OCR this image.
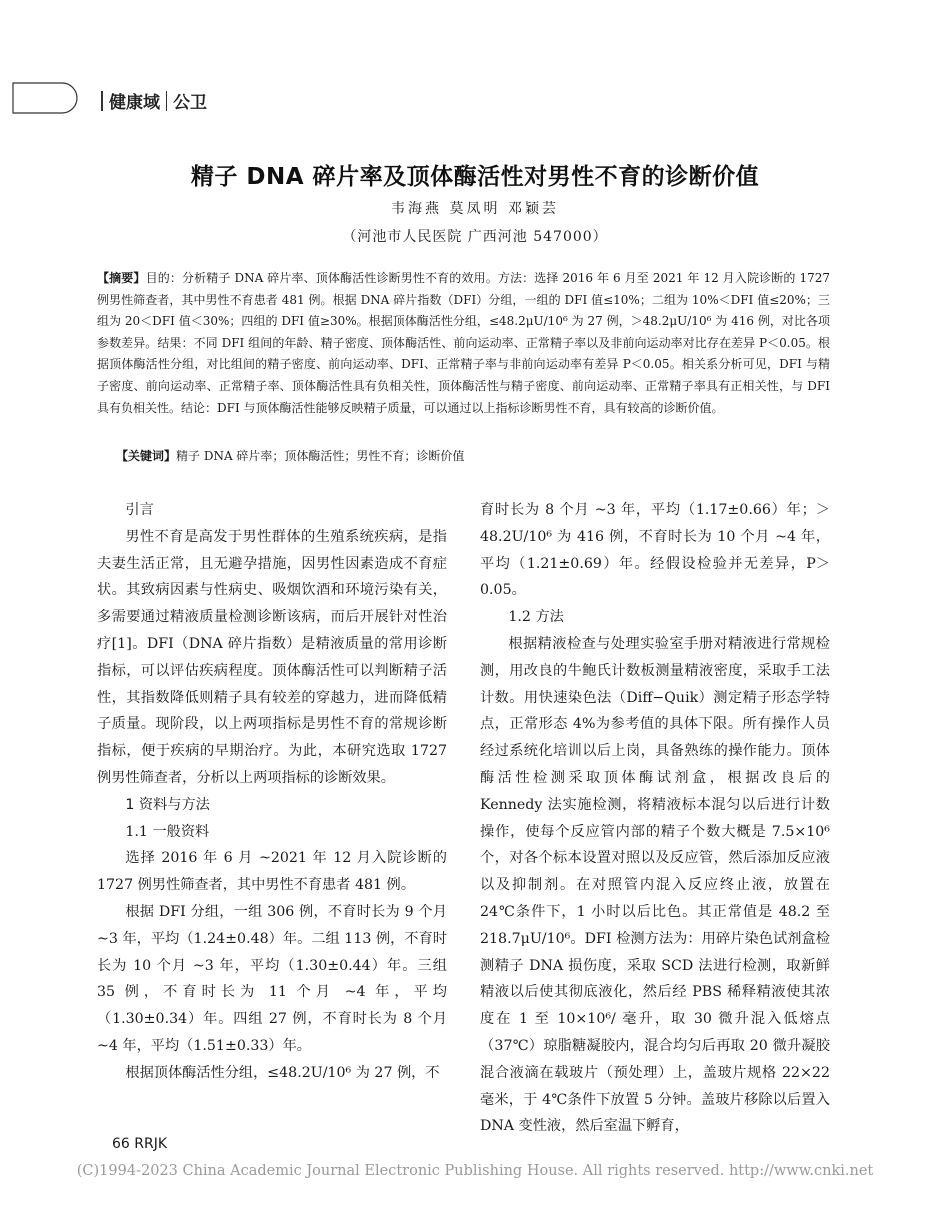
健康域 公卫
精子 DNA 碎片率及顶体酶活性对男性不育的诊断价值
韦海燕 莫凤明 邓颖芸
（河池市人民医院 广西河池 547000）
【摘要】目的：分析精子 DNA 碎片率、顶体酶活性诊断男性不育的效用。方法：选择 2016 年 6 月至 2021 年 12 月入院诊断的 1727 例男性筛查者，其中男性不育患者 481 例。根据 DNA 碎片指数（DFI）分组，一组的 DFI 值≤10%；二组为 10%＜DFI 值≤20%；三组为 20＜DFI 值＜30%；四组的 DFI 值≥30%。根据顶体酶活性分组，≤48.2μU/10⁶ 为 27 例，＞48.2μU/10⁶ 为 416 例，对比各项参数差异。结果：不同 DFI 组间的年龄、精子密度、顶体酶活性、前向运动率、正常精子率以及非前向运动率对比存在差异 P＜0.05。根据顶体酶活性分组，对比组间的精子密度、前向运动率、DFI、正常精子率与非前向运动率有差异 P＜0.05。相关系分析可见，DFI 与精子密度、前向运动率、正常精子率、顶体酶活性具有负相关性，顶体酶活性与精子密度、前向运动率、正常精子率具有正相关性，与 DFI 具有负相关性。结论：DFI 与顶体酶活性能够反映精子质量，可以通过以上指标诊断男性不育，具有较高的诊断价值。
【关键词】精子 DNA 碎片率；顶体酶活性；男性不育；诊断价值
引言

男性不育是高发于男性群体的生殖系统疾病，是指夫妻生活正常，且无避孕措施，因男性因素造成不育症状。其致病因素与性病史、吸烟饮酒和环境污染有关，多需要通过精液质量检测诊断该病，而后开展针对性治疗[1]。DFI（DNA 碎片指数）是精液质量的常用诊断指标，可以评估疾病程度。顶体酶活性可以判断精子活性，其指数降低则精子具有较差的穿越力，进而降低精子质量。现阶段，以上两项指标是男性不育的常规诊断指标，便于疾病的早期治疗。为此，本研究选取 1727 例男性筛查者，分析以上两项指标的诊断效果。

1 资料与方法
1.1 一般资料

选择 2016 年 6 月 ~2021 年 12 月入院诊断的 1727 例男性筛查者，其中男性不育患者 481 例。

根据 DFI 分组，一组 306 例，不育时长为 9 个月 ~3 年，平均（1.24±0.48）年。二组 113 例，不育时长为 10 个月 ~3 年，平均（1.30±0.44）年。三组 35 例，不育时长为 11 个月 ~4 年，平均（1.30±0.34）年。四组 27 例，不育时长为 8 个月 ~4 年，平均（1.51±0.33）年。

根据顶体酶活性分组，≤48.2U/10⁶ 为 27 例，不

育时长为 8 个月 ~3 年，平均（1.17±0.66）年；＞48.2U/10⁶ 为 416 例，不育时长为 10 个月 ~4 年，平均（1.21±0.69）年。经假设检验并无差异，P＞0.05。

1.2 方法

根据精液检查与处理实验室手册对精液进行常规检测，用改良的牛鲍氏计数板测量精液密度，采取手工法计数。用快速染色法（Diff−Quik）测定精子形态学特点，正常形态 4%为参考值的具体下限。所有操作人员经过系统化培训以后上岗，具备熟练的操作能力。顶体酶活性检测采取顶体酶试剂盒，根据改良后的 Kennedy 法实施检测，将精液标本混匀以后进行计数操作，使每个反应管内部的精子个数大概是 7.5×10⁶ 个，对各个标本设置对照以及反应管，然后添加反应液以及抑制剂。在对照管内混入反应终止液，放置在 24℃条件下，1 小时以后比色。其正常值是 48.2 至 218.7μU/10⁶。DFI 检测方法为：用碎片染色试剂盒检测精子 DNA 损伤度，采取 SCD 法进行检测，取新鲜精液以后使其彻底液化，然后经 PBS 稀释精液使其浓度在 1 至 10×10⁶/ 毫升，取 30 微升混入低熔点（37℃）琼脂糖凝胶内，混合均匀后再取 20 微升凝胶混合液滴在载玻片（预处理）上，盖玻片规格 22×22 毫米，于 4℃条件下放置 5 分钟。盖玻片移除以后置入 DNA 变性液，然后室温下孵育，

66 RRJK
(C)1994-2023 China Academic Journal Electronic Publishing House. All rights reserved. http://www.cnki.net
